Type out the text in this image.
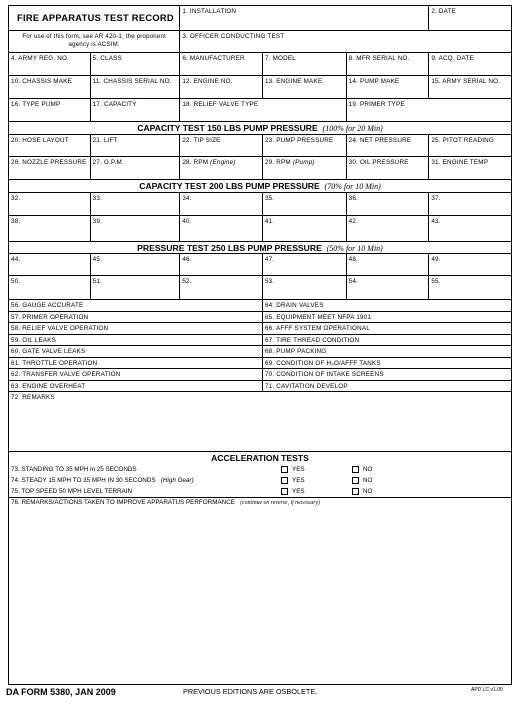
FIRE APPARATUS TEST RECORD
1. INSTALLATION	2. DATE
For use of this form, see AR 420-1; the proponent
agency is ACSIM.
3. OFFICER CONDUCTING TEST
4. ARMY REG. NO.	5. CLASS	6. MANUFACTURER	7. MODEL	8. MFR SERIAL NO.	9. ACQ. DATE
10. CHASSIS MAKE	11. CHASSIS SERIAL NO.	12. ENGINE NO.	13. ENGINE MAKE	14. PUMP MAKE	15. ARMY SERIAL NO.
16. TYPE PUMP	17. CAPACITY	18. RELIEF VALVE TYPE	19. PRIMER TYPE
CAPACITY TEST 150 LBS PUMP PRESSURE (100% for 20 Min)
20. HOSE LAYOUT	21. LIFT	22. TIP SIZE	23. PUMP PRESSURE	24. NET PRESSURE	25. PITOT READING
26. NOZZLE PRESSURE 27. G.P.M.	28. RPM (Engine)	29. RPM (Pump)	30. OIL PRESSURE	31. ENGINE TEMP
CAPACITY TEST 200 LBS PUMP PRESSURE (70% for 10 Min)
32.	33.	34.	35.	36.	37.
38.	39.	40.	41.	42.	43.
PRESSURE TEST 250 LBS PUMP PRESSURE (50% for 10 Min)
44.	45.	46.	47.	48.	49.
50.	51.	52.	53.	54.	55.
56. GAUGE ACCURATE	64. DRAIN VALVES
57. PRIMER OPERATION	65. EQUIPMENT MEET NFPA 1901
58. RELIEF VALVE OPERATION	66. AFFF SYSTEM OPERATIONAL
59. OIL LEAKS	67. TIRE THREAD CONDITION
60. GATE VALVE LEAKS	68. PUMP PACKING
61. THROTTLE OPERATION	69. CONDITION OF H₂O/AFFF TANKS
62. TRANSFER VALVE OPERATION	70. CONDITION OF INTAKE SCREENS
63. ENGINE OVERHEAT	71. CAVITATION DEVELOP
72. REMARKS
ACCELERATION TESTS
73. STANDING TO 35 MPH in 25 SECONDS	YES	NO
74. STEADY 15 MPH TO 35 MPH IN 30 SECONDS (High Gear)	YES	NO
75. TOP SPEED 50 MPH LEVEL TERRAIN	YES	NO
76. REMARKS/ACTIONS TAKEN TO IMPROVE APPARATUS PERFORMANCE (continue on reverse, if necessary)
DA FORM 5380, JAN 2009	PREVIOUS EDITIONS ARE OSBOLETE.	APD LC v1.00
